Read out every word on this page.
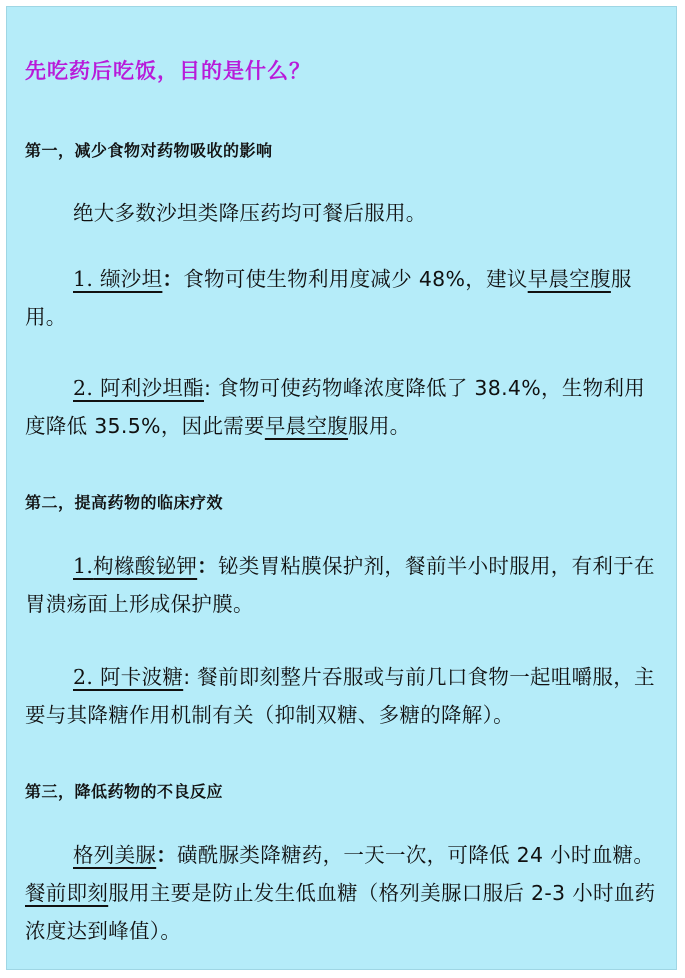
先吃药后吃饭，目的是什么？
第一，减少食物对药物吸收的影响
绝大多数沙坦类降压药均可餐后服用。
1. 缬沙坦：食物可使生物利用度减少 48%，建议早晨空腹服用。
2. 阿利沙坦酯: 食物可使药物峰浓度降低了 38.4%，生物利用度降低 35.5%，因此需要早晨空腹服用。
第二，提高药物的临床疗效
1.枸橼酸铋钾：铋类胃粘膜保护剂，餐前半小时服用，有利于在胃溃疡面上形成保护膜。
2. 阿卡波糖: 餐前即刻整片吞服或与前几口食物一起咀嚼服，主要与其降糖作用机制有关（抑制双糖、多糖的降解）。
第三，降低药物的不良反应
格列美脲：磺酰脲类降糖药，一天一次，可降低 24 小时血糖。餐前即刻服用主要是防止发生低血糖（格列美脲口服后 2-3 小时血药浓度达到峰值）。
